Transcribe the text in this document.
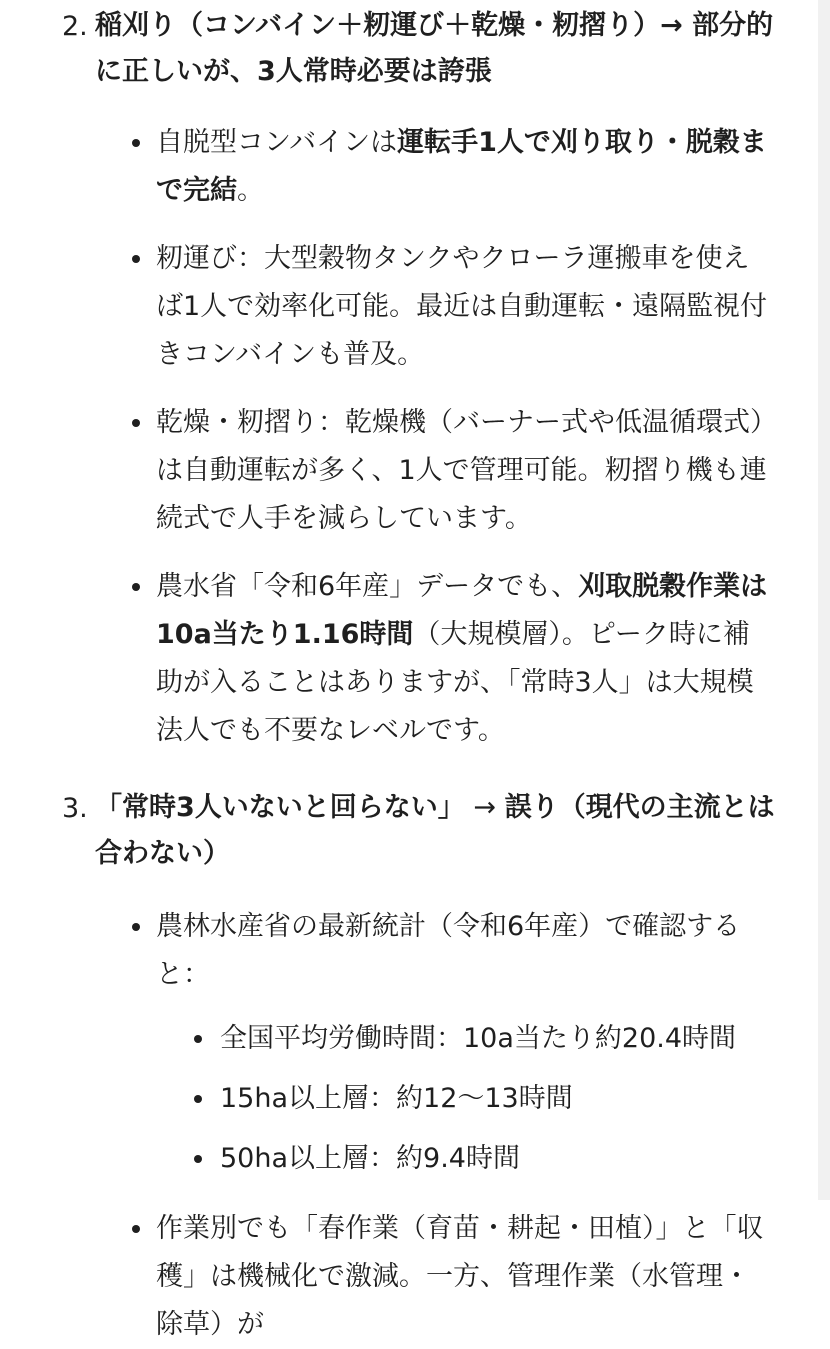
2. 稲刈り（コンバイン＋籾運び＋乾燥・籾摺り）→ 部分的に正しいが、3人常時必要は誇張

自脱型コンバインは運転手1人で刈り取り・脱穀まで完結。
籾運び：大型穀物タンクやクローラ運搬車を使えば1人で効率化可能。最近は自動運転・遠隔監視付きコンバインも普及。
乾燥・籾摺り：乾燥機（バーナー式や低温循環式）は自動運転が多く、1人で管理可能。籾摺り機も連続式で人手を減らしています。
農水省「令和6年産」データでも、刈取脱穀作業は10a当たり1.16時間（大規模層）。ピーク時に補助が入ることはありますが、「常時3人」は大規模法人でも不要なレベルです。
3. 「常時3人いないと回らない」 → 誤り（現代の主流とは合わない）

農林水産省の最新統計（令和6年産）で確認すると：
全国平均労働時間：10a当たり約20.4時間
15ha以上層：約12〜13時間
50ha以上層：約9.4時間
作業別でも「春作業（育苗・耕起・田植）」と「収穫」は機械化で激減。一方、管理作業（水管理・除草）が
